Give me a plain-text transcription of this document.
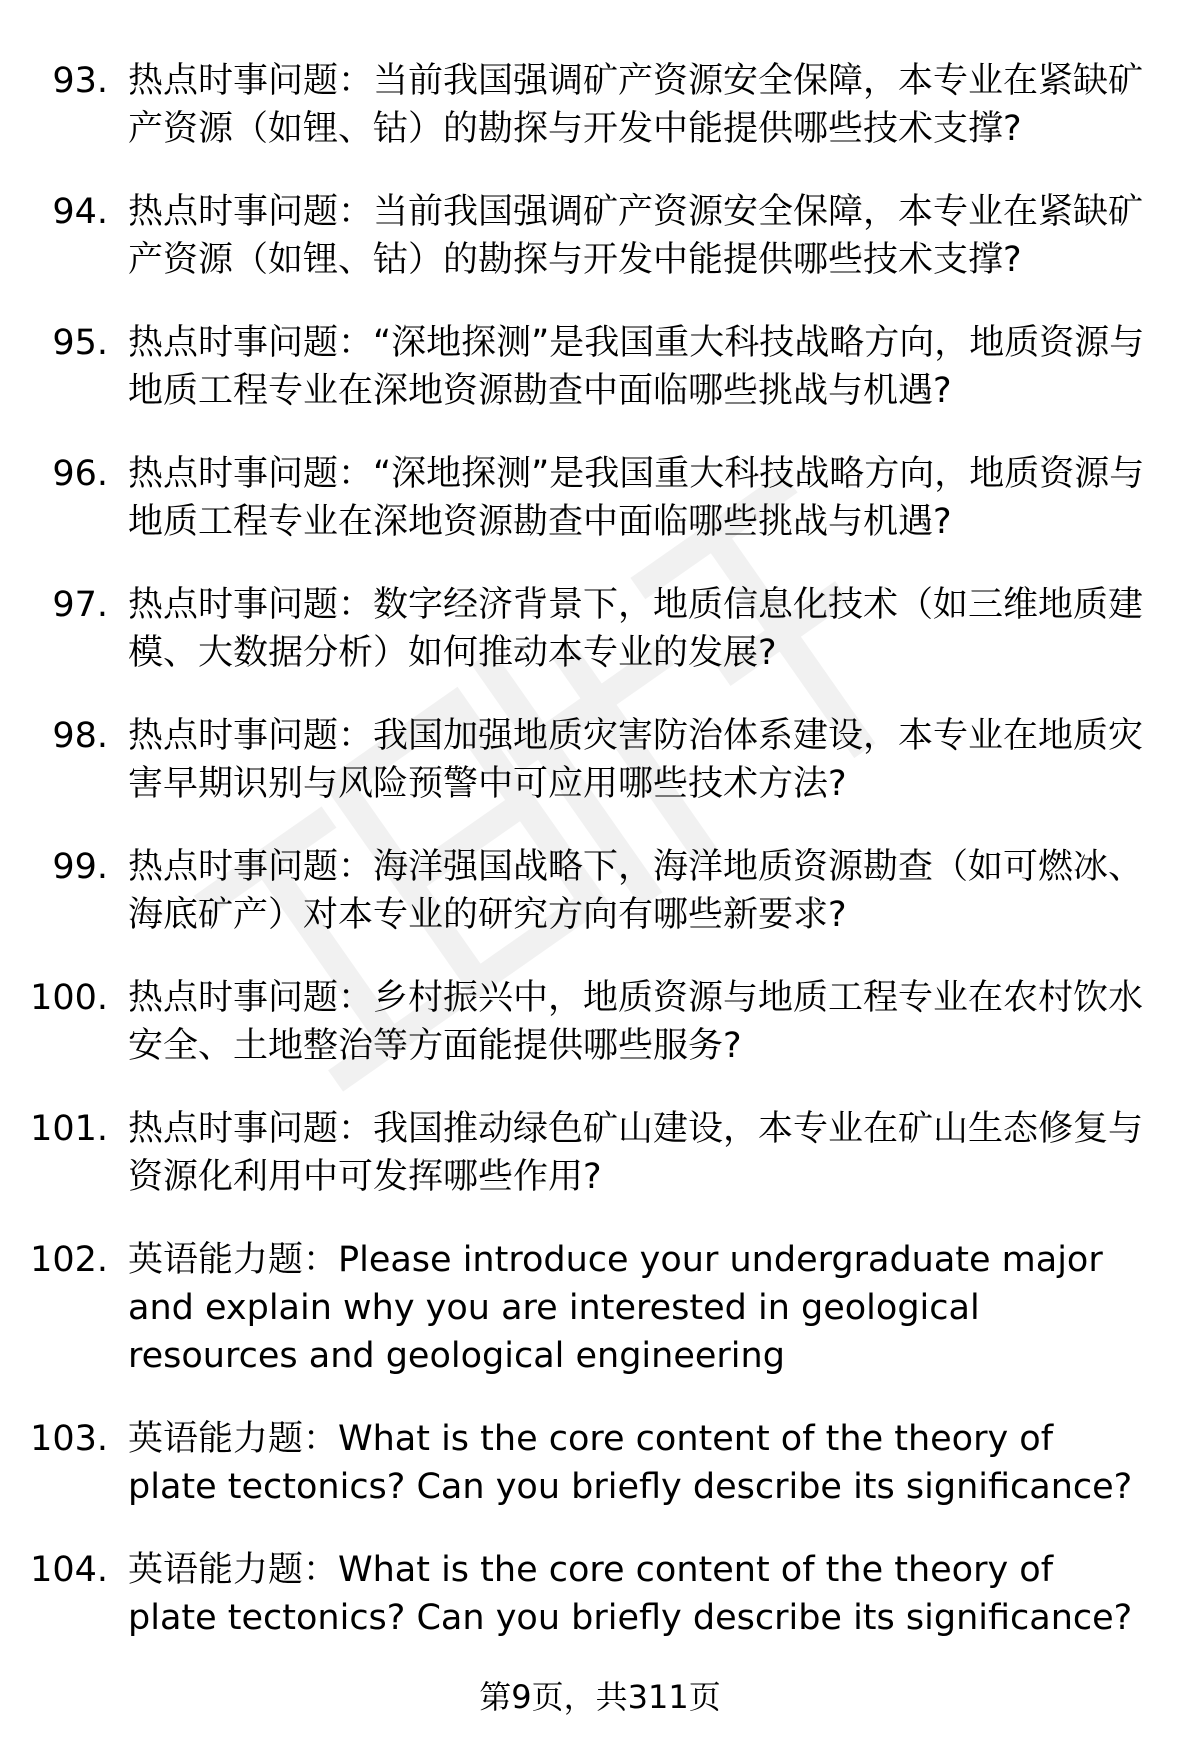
93. 热点时事问题：当前我国强调矿产资源安全保障，本专业在紧缺矿产资源（如锂、钴）的勘探与开发中能提供哪些技术支撑?
94. 热点时事问题：当前我国强调矿产资源安全保障，本专业在紧缺矿产资源（如锂、钴）的勘探与开发中能提供哪些技术支撑?
95. 热点时事问题：“深地探测”是我国重大科技战略方向，地质资源与地质工程专业在深地资源勘查中面临哪些挑战与机遇?
96. 热点时事问题：“深地探测”是我国重大科技战略方向，地质资源与地质工程专业在深地资源勘查中面临哪些挑战与机遇?
97. 热点时事问题：数字经济背景下，地质信息化技术（如三维地质建模、大数据分析）如何推动本专业的发展?
98. 热点时事问题：我国加强地质灾害防治体系建设，本专业在地质灾害早期识别与风险预警中可应用哪些技术方法?
99. 热点时事问题：海洋强国战略下，海洋地质资源勘查（如可燃冰、海底矿产）对本专业的研究方向有哪些新要求?
100. 热点时事问题：乡村振兴中，地质资源与地质工程专业在农村饮水安全、土地整治等方面能提供哪些服务?
101. 热点时事问题：我国推动绿色矿山建设，本专业在矿山生态修复与资源化利用中可发挥哪些作用?
102. 英语能力题：Please introduce your undergraduate major and explain why you are interested in geological resources and geological engineering
103. 英语能力题：What is the core content of the theory of plate tectonics? Can you briefly describe its significance?
104. 英语能力题：What is the core content of the theory of plate tectonics? Can you briefly describe its significance?
第9页，共311页
